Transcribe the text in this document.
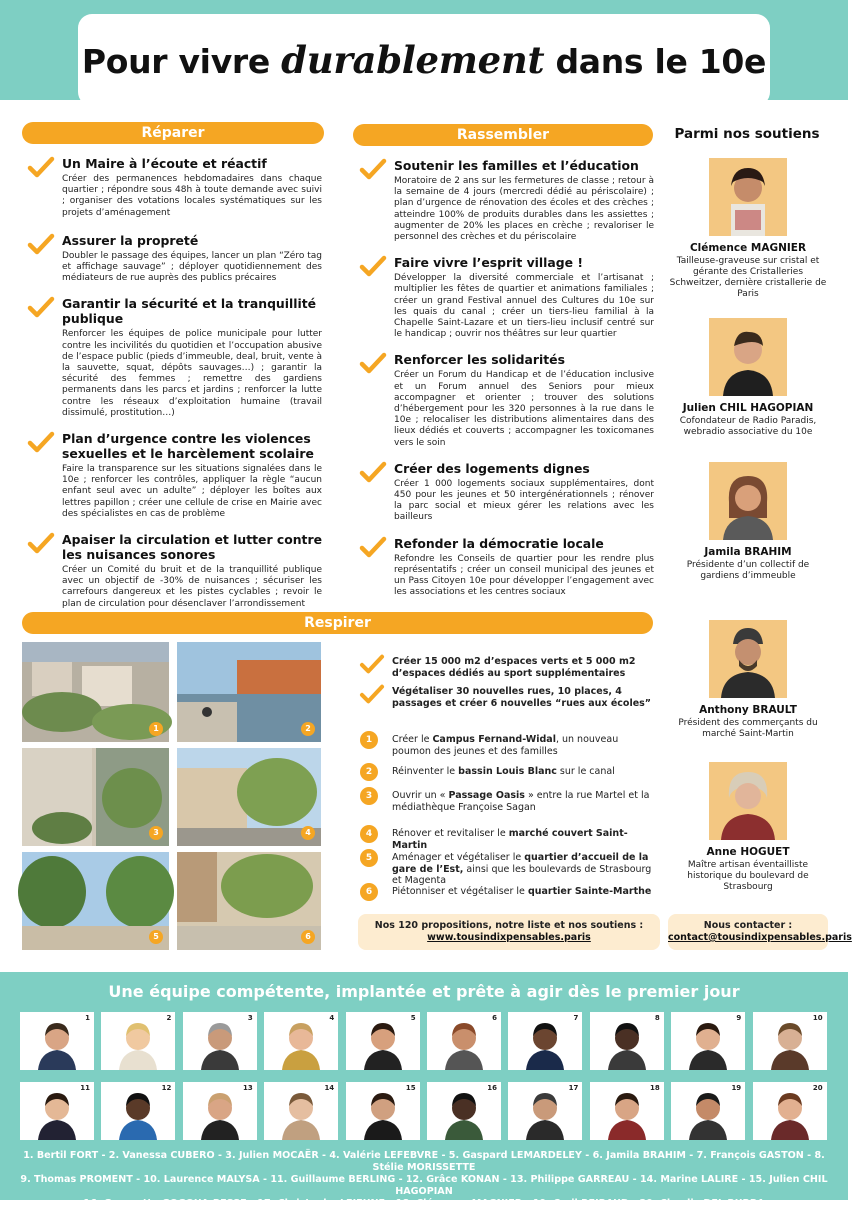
Pour vivre durablement dans le 10e
Réparer	Rassembler
Un Maire à l’écoute et réactif

Créer des permanences hebdomadaires dans chaque quartier ; répondre sous 48h à toute demande avec suivi ; organiser des votations locales systématiques sur les projets d’aménagement

Assurer la propreté

Doubler le passage des équipes, lancer un plan “Zéro tag et affichage sauvage” ; déployer quotidiennement des médiateurs de rue auprès des publics précaires

Garantir la sécurité et la tranquillité publique

Renforcer les équipes de police municipale pour lutter contre les incivilités du quotidien et l’occupation abusive de l’espace public (pieds d’immeuble, deal, bruit, vente à la sauvette, squat, dépôts sauvages…) ; garantir la sécurité des femmes ; remettre des gardiens permanents dans les parcs et jardins ; renforcer la lutte contre les réseaux d’exploitation humaine (travail dissimulé, prostitution…)

Plan d’urgence contre les violences sexuelles et le harcèlement scolaire

Faire la transparence sur les situations signalées dans le 10e ; renforcer les contrôles, appliquer la règle “aucun enfant seul avec un adulte” ; déployer les boîtes aux lettres papillon ; créer une cellule de crise en Mairie avec des spécialistes en cas de problème

Apaiser la circulation et lutter contre les nuisances sonores

Créer un Comité du bruit et de la tranquillité publique avec un objectif de -30% de nuisances ; sécuriser les carrefours dangereux et les pistes cyclables ; revoir le plan de circulation pour désenclaver l’arrondissement

Soutenir les familles et l’éducation

Moratoire de 2 ans sur les fermetures de classe ; retour à la semaine de 4 jours (mercredi dédié au périscolaire) ; plan d’urgence de rénovation des écoles et des crèches ; atteindre 100% de produits durables dans les assiettes ; augmenter de 20% les places en crèche ; revaloriser le personnel des crèches et du périscolaire

Faire vivre l’esprit village !

Développer la diversité commerciale et l’artisanat ; multiplier les fêtes de quartier et animations familiales ; créer un grand Festival annuel des Cultures du 10e sur les quais du canal ; créer un tiers-lieu familial à la Chapelle Saint-Lazare et un tiers-lieu inclusif centré sur le handicap ; ouvrir nos théâtres sur leur quartier

Renforcer les solidarités

Créer un Forum du Handicap et de l’éducation inclusive et un Forum annuel des Seniors pour mieux accompagner et orienter ; trouver des solutions d’hébergement pour les 320 personnes à la rue dans le 10e ; relocaliser les distributions alimentaires dans des lieux dédiés et couverts ; accompagner les toxicomanes vers le soin

Créer des logements dignes

Créer 1 000 logements sociaux supplémentaires, dont 450 pour les jeunes et 50 intergénérationnels ; rénover la parc social et mieux gérer les relations avec les bailleurs

Refonder la démocratie locale

Refondre les Conseils de quartier pour les rendre plus représentatifs ; créer un conseil municipal des jeunes et un Pass Citoyen 10e pour développer l’engagement avec les associations et les centres sociaux

Parmi nos soutiens
Clémence MAGNIER
Tailleuse-graveuse sur cristal et gérante des Cristalleries Schweitzer, dernière cristallerie de Paris
Julien CHIL HAGOPIAN
Cofondateur de Radio Paradis, webradio associative du 10e
Jamila BRAHIM
Présidente d’un collectif de gardiens d’immeuble
Anthony BRAULT
Président des commerçants du marché Saint-Martin
Anne HOGUET
Maître artisan éventailliste historique du boulevard de Strasbourg
Respirer
1	2
3	4
5	6
Créer 15 000 m2 d’espaces verts et 5 000 m2 d’espaces dédiés au sport supplémentaires
Végétaliser 30 nouvelles rues, 10 places, 4 passages et créer 6 nouvelles “rues aux écoles”
1	Créer le Campus Fernand-Widal, un nouveau poumon des jeunes et des familles
2	Réinventer le bassin Louis Blanc sur le canal
3	Ouvrir un « Passage Oasis » entre la rue Martel et la médiathèque Françoise Sagan
4	Rénover et revitaliser le marché couvert Saint-Martin
5	Aménager et végétaliser le quartier d’accueil de la gare de l’Est, ainsi que les boulevards de Strasbourg et Magenta
6	Piétonniser et végétaliser le quartier Sainte-Marthe
Nos 120 propositions, notre liste et nos soutiens :
www.tousindixpensables.paris
Nous contacter :
contact@tousindixpensables.paris
Une équipe compétente, implantée et prête à agir dès le premier jour
1	2	3	4	5	6	7	8	9	10
11	12	13	14	15	16	17	18	19	20
1. Bertil FORT - 2. Vanessa CUBERO - 3. Julien MOCAËR - 4. Valérie LEFEBVRE - 5. Gaspard LEMARDELEY - 6. Jamila BRAHIM - 7. François GASTON - 8. Stélie MORISSETTE
9. Thomas PROMENT - 10. Laurence MALYSA - 11. Guillaume BERLING - 12. Grâce KONAN - 13. Philippe GARREAU - 14. Marine LALIRE - 15. Julien CHIL HAGOPIAN
16. Georgette GOGOUA-BESSE - 17. Christophe LEJEUNE - 18. Clémence MAGNIER - 19. Cyril REIBAUD - 20. Claudia DEL BUBBA
